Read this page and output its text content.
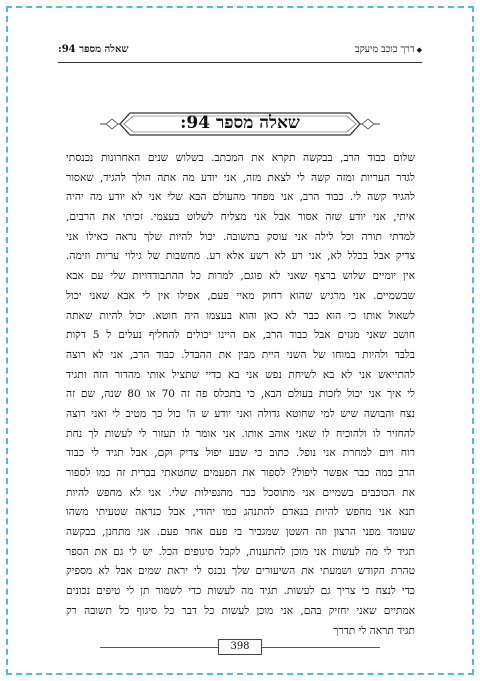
◆ דרך כוכב מיעקב
שאלה מספר 94:
שאלה מספר 94:
שלום כבוד הרב, בבקשה תקרא את המכתב. בשלוש שנים האחרונות נכנסתי
לגדר העריות ומזה קשה לי לצאת מזה, אני יודע מה אתה הולך להגיד, שאסור
להגיד קשה לי. כבוד הרב, אני מפחד מהעולם הבא שלי אני לא יודע מה יהיה
איתי, אני יודע שזה אסור אבל אני מצליח לשלוט בעצמי. זכיתי את הרבים,
למדתי תורה וכל לילה אני עוסק בתשובה. יכול להיות שלך נראה כאילו אני
צדיק אבל בכלל לא, אני רע לא רשע אלא רע. מחשבות של גילוי עריות וזימה.
אין יומיים שלוש ברצף שאני לא פוגם, למרות כל ההתבודדויות שלי עם אבא
שבשמיים. אני מרגיש שהוא רחוק מאיי פעם, אפילו אין לי אבא שאני יכול
לשאול אותו כי הוא כבר לא כאן והוא בעצמו היה חוטא. יכול להיות שאתה
חושב שאני מגזים אבל כבוד הרב, אם היינו יכולים להחליף נעלים ל 5 דקות
בלבד ולהיות במוחו של השני היית מבין את ההבדל. כבוד הרב, אני לא רוצה
להתייאש אני לא בא לשיחת נפש אני בא כדיי שתציל אותי מהדור הזה ותגיד
לי איך אני יכול לזכות בעולם הבא, כי בתכלס פה זה 70 או 80 שנה, שם זה
נצח והבושה שיש למי שחוטא גדולה ואני יודע ש ה' כול כך מטיב לי ואני רוצה
להחזיר לו ולהוכיח לו שאני אוהב אותו. אני אומר לו תעזור לי לעשות לך נחת
רוח ויום למחרת אני נופל. כתוב כי שבע יפול צדיק וקם, אבל תגיד לי כבוד
הרב כמה כבר אפשר ליפול? לספור את הפעמים שחטאתי בברית זה כמו לספור
את הכוכבים בשמיים אני מתוסכל כבר מהנפילות שלי. אני לא מחפש להיות
תנא אני מחפש להיות בנאדם להתנהג כמו יהודי, אבל כנראה שטעיתי משהו
שעומד מפני הרצון וזה השטן שמגביר בי פעם אחר פעם. אני מתחנן, בבקשה
תגיד לי מה לעשות אני מוכן להתענות, לקבל סיגופים הכל. יש לי גם את הספר
טהרת הקודש ושמעתי את השיעורים שלך נכנס לי יראת שמים אבל לא מספיק
כדי לנצח כי צריך גם לעשות. תגיד מה לעשות כדי לשמור תן לי טיפים נכונים
אמתיים שאני יחזיק בהם, אני מוכן לעשות כל דבר כל סיגוף כל תשובה רק
תגיד תראה לי תדרך
398
